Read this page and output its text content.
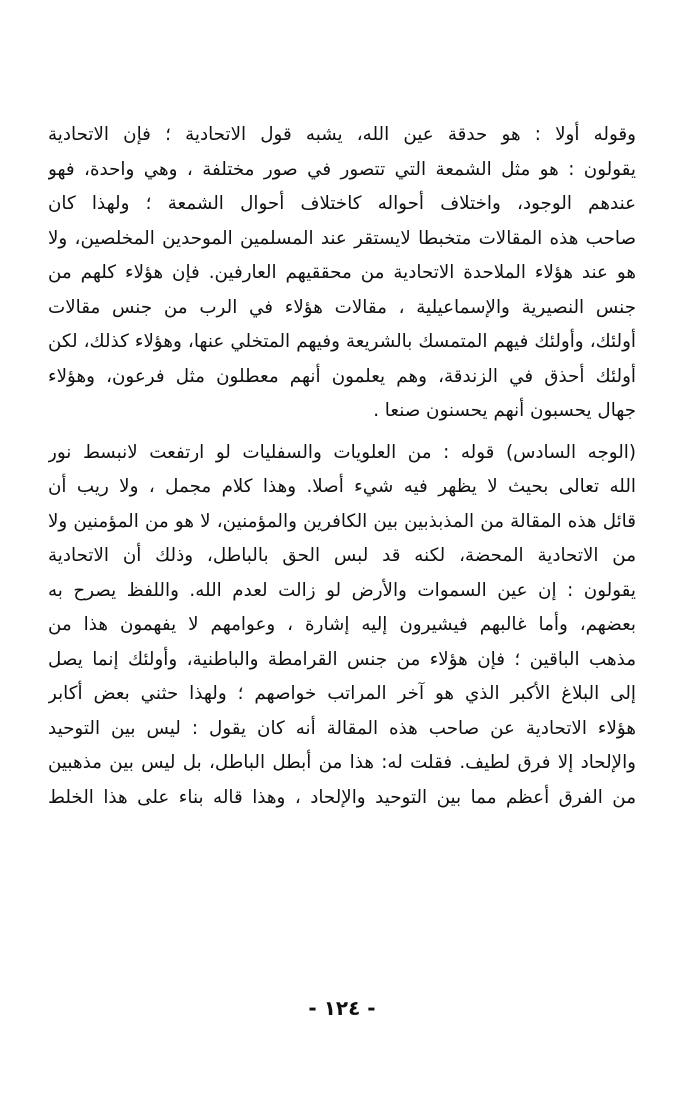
وقوله أولا : هو حدقة عين الله، يشبه قول الاتحادية ؛ فإن الاتحادية
يقولون : هو مثل الشمعة التي تتصور في صور مختلفة ، وهي واحدة، فهو
عندهم الوجود، واختلاف أحواله كاختلاف أحوال الشمعة ؛ ولهذا كان
صاحب هذه المقالات متخبطا لايستقر عند المسلمين الموحدين المخلصين، ولا
هو عند هؤلاء الملاحدة الاتحادية من محققيهم العارفين. فإن هؤلاء كلهم من
جنس النصيرية والإسماعيلية ، مقالات هؤلاء في الرب من جنس مقالات
أولئك، وأولئك فيهم المتمسك بالشريعة وفيهم المتخلي عنها، وهؤلاء كذلك، لكن
أولئك أحذق في الزندقة، وهم يعلمون أنهم معطلون مثل فرعون، وهؤلاء
جهال يحسبون أنهم يحسنون صنعا .
(الوجه السادس) قوله : من العلويات والسفليات لو ارتفعت لانبسط نور
الله تعالى بحيث لا يظهر فيه شيء أصلا. وهذا كلام مجمل ، ولا ريب أن
قائل هذه المقالة من المذبذبين بين الكافرين والمؤمنين، لا هو من المؤمنين ولا
من الاتحادية المحضة، لكنه قد لبس الحق بالباطل، وذلك أن الاتحادية
يقولون : إن عين السموات والأرض لو زالت لعدم الله. واللفظ يصرح به
بعضهم، وأما غالبهم فيشيرون إليه إشارة ، وعوامهم لا يفهمون هذا من
مذهب الباقين ؛ فإن هؤلاء من جنس القرامطة والباطنية، وأولئك إنما يصل
إلى البلاغ الأكبر الذي هو آخر المراتب خواصهم ؛ ولهذا حثني بعض أكابر
هؤلاء الاتحادية عن صاحب هذه المقالة أنه كان يقول : ليس بين التوحيد
والإلحاد إلا فرق لطيف. فقلت له: هذا من أبطل الباطل، بل ليس بين مذهبين
من الفرق أعظم مما بين التوحيد والإلحاد ، وهذا قاله بناء على هذا الخلط
- ١٢٤ -
